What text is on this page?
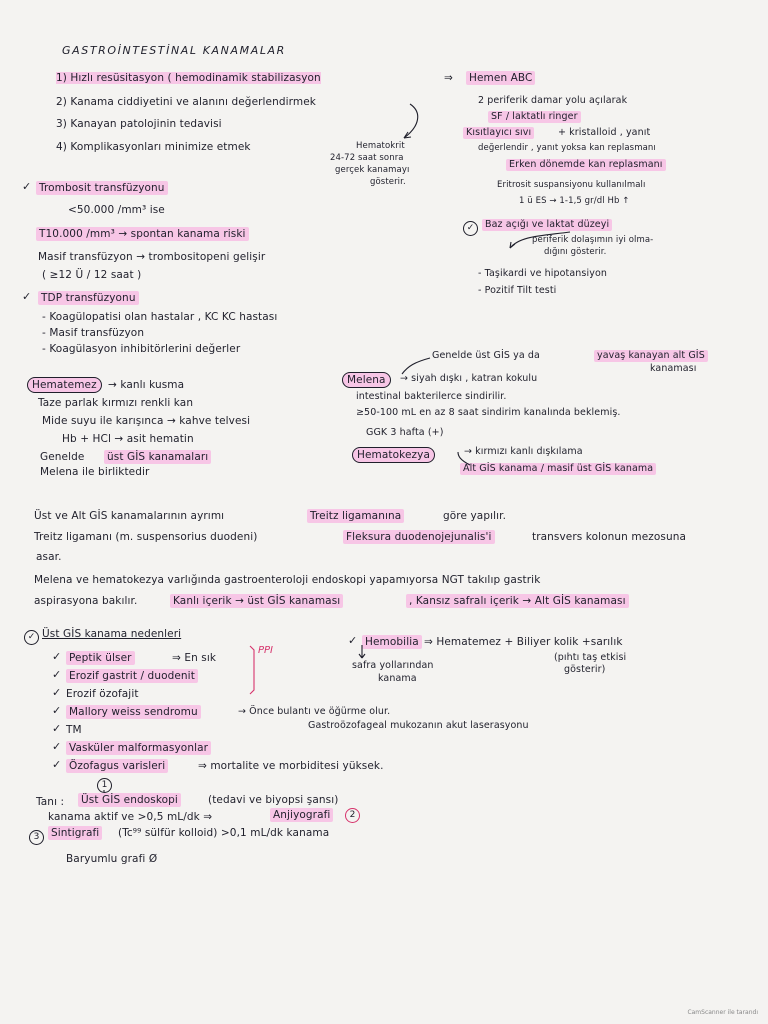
GASTROİNTESTİNAL KANAMALAR
1) Hızlı resüsitasyon ( hemodinamik stabilizasyon
2) Kanama ciddiyetini ve alanını değerlendirmek
3) Kanayan patolojinin tedavisi
4) Komplikasyonları minimize etmek	Hematokrit
24-72 saat sonra
gerçek kanamayı
gösterir.
⇒ Hemen ABC
2 periferik damar yolu açılarak
SF / laktatlı ringer
Kısıtlayıcı sıvı	+ kristalloid , yanıt
değerlendir , yanıt yoksa kan replasmanı
Erken dönemde kan replasmanı
Eritrosit suspansiyonu kullanılmalı
1 ü ES → 1-1,5 gr/dl Hb ↑
✓	Baz açığı ve laktat düzeyi
periferik dolaşımın iyi olma-
dığını gösterir.
- Taşikardi ve hipotansiyon
- Pozitif Tilt testi
✓ Trombosit transfüzyonu
<50.000 /mm³ ise
T10.000 /mm³ → spontan kanama riski
Masif transfüzyon → trombositopeni gelişir
( ≥12 Ü / 12 saat )
✓ TDP transfüzyonu
- Koagülopatisi olan hastalar , KC KC hastası
- Masif transfüzyon
- Koagülasyon inhibitörlerini değerler
Hematemez	→ kanlı kusma
Taze parlak kırmızı renkli kan
Mide suyu ile karışınca → kahve telvesi
Hb + HCl → asit hematin
Genelde üst GİS kanamaları
Melena ile birliktedir
Genelde üst GİS ya da	yavaş kanayan alt GİS
kanaması
Melena	→ siyah dışkı , katran kokulu
intestinal bakterilerce sindirilir.
≥50-100 mL en az 8 saat sindirim kanalında beklemiş.
GGK 3 hafta (+)
Hematokezya	→ kırmızı kanlı dışkılama
Alt GİS kanama / masif üst GİS kanama
Üst ve Alt GİS kanamalarının ayrımı	Treitz ligamanına	göre yapılır.
Treitz ligamanı (m. suspensorius duodeni)	Fleksura duodenojejunalis'i	transvers kolonun mezosuna
asar.
Melena ve hematokezya varlığında gastroenteroloji endoskopi yapamıyorsa NGT takılıp gastrik
aspirasyona bakılır.	Kanlı içerik → üst GİS kanaması	, Kansız safralı içerik → Alt GİS kanaması
✓ Üst GİS kanama nedenleri
PPI
✓ Peptik ülser	⇒ En sık
✓ Erozif gastrit / duodenit
✓ Erozif özofajit
✓ Mallory weiss sendromu	→ Önce bulantı ve öğürme olur.
Gastroözofageal mukozanın akut laserasyonu
✓ TM
✓ Vasküler malformasyonlar
✓ Özofagus varisleri	⇒ mortalite ve morbiditesi yüksek.
✓ Hemobilia ⇒ Hematemez + Biliyer kolik +sarılık
(pıhtı taş etkisi
gösterir)
safra yollarından
kanama
1
Tanı : Üst GİS endoskopi	(tedavi ve biyopsi şansı)
kanama aktif ve >0,5 mL/dk ⇒	Anjiyografi	2
3	Sintigrafi (Tc⁹⁹ sülfür kolloid) >0,1 mL/dk kanama
Baryumlu grafi Ø
CamScanner ile tarandı
